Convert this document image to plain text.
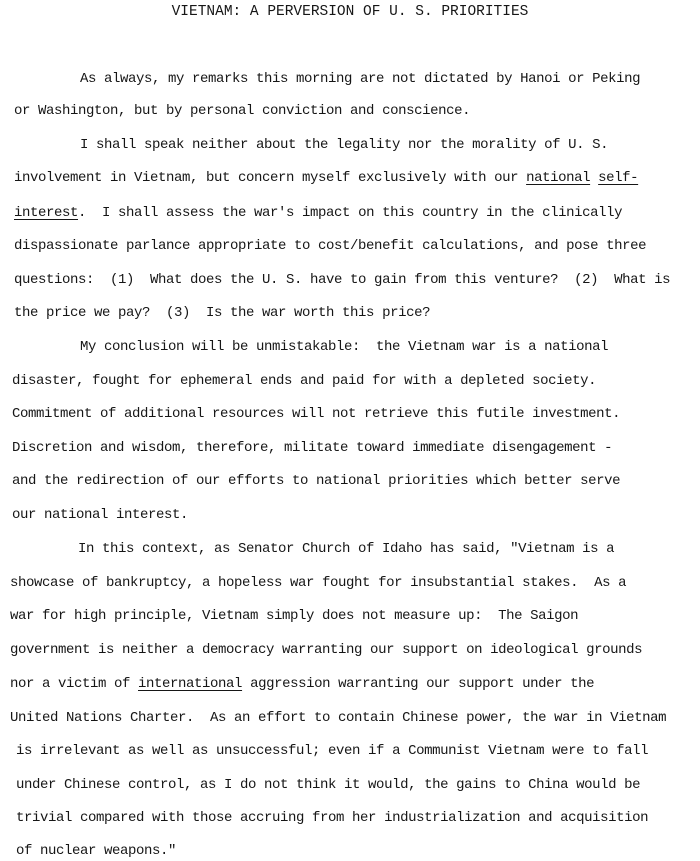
VIETNAM: A PERVERSION OF U. S. PRIORITIES
As always, my remarks this morning are not dictated by Hanoi or Peking
or Washington, but by personal conviction and conscience.
I shall speak neither about the legality nor the morality of U. S.
involvement in Vietnam, but concern myself exclusively with our national self-
interest.  I shall assess the war's impact on this country in the clinically
dispassionate parlance appropriate to cost/benefit calculations, and pose three
questions:  (1)  What does the U. S. have to gain from this venture?  (2)  What is
the price we pay?  (3)  Is the war worth this price?
My conclusion will be unmistakable:  the Vietnam war is a national
disaster, fought for ephemeral ends and paid for with a depleted society.
Commitment of additional resources will not retrieve this futile investment.
Discretion and wisdom, therefore, militate toward immediate disengagement -
and the redirection of our efforts to national priorities which better serve
our national interest.
In this context, as Senator Church of Idaho has said, "Vietnam is a
showcase of bankruptcy, a hopeless war fought for insubstantial stakes.  As a
war for high principle, Vietnam simply does not measure up:  The Saigon
government is neither a democracy warranting our support on ideological grounds
nor a victim of international aggression warranting our support under the
United Nations Charter.  As an effort to contain Chinese power, the war in Vietnam
is irrelevant as well as unsuccessful; even if a Communist Vietnam were to fall
under Chinese control, as I do not think it would, the gains to China would be
trivial compared with those accruing from her industrialization and acquisition
of nuclear weapons."
